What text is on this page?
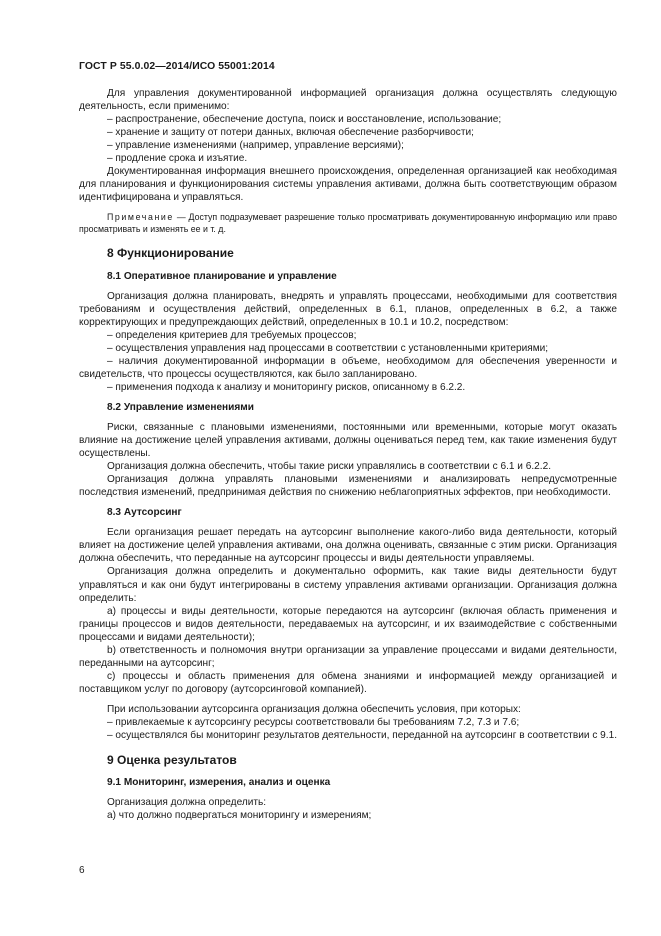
ГОСТ Р 55.0.02—2014/ИСО 55001:2014

Для управления документированной информацией организация должна осуществлять следующую деятельность, если применимо:

– распространение, обеспечение доступа, поиск и восстановление, использование;

– хранение и защиту от потери данных, включая обеспечение разборчивости;

– управление изменениями (например, управление версиями);

– продление срока и изъятие.

Документированная информация внешнего происхождения, определенная организацией как необходимая для планирования и функционирования системы управления активами, должна быть соответствующим образом идентифицирована и управляться.

Примечание — Доступ подразумевает разрешение только просматривать документированную информацию или право просматривать и изменять ее и т. д.

8 Функционирование
8.1 Оперативное планирование и управление

Организация должна планировать, внедрять и управлять процессами, необходимыми для соответствия требованиям и осуществления действий, определенных в 6.1, планов, определенных в 6.2, а также корректирующих и предупреждающих действий, определенных в 10.1 и 10.2, посредством:

– определения критериев для требуемых процессов;

– осуществления управления над процессами в соответствии с установленными критериями;

– наличия документированной информации в объеме, необходимом для обеспечения уверенности и свидетельств, что процессы осуществляются, как было запланировано.

– применения подхода к анализу и мониторингу рисков, описанному в 6.2.2.

8.2 Управление изменениями

Риски, связанные с плановыми изменениями, постоянными или временными, которые могут оказать влияние на достижение целей управления активами, должны оцениваться перед тем, как такие изменения будут осуществлены.

Организация должна обеспечить, чтобы такие риски управлялись в соответствии с 6.1 и 6.2.2.

Организация должна управлять плановыми изменениями и анализировать непредусмотренные последствия изменений, предпринимая действия по снижению неблагоприятных эффектов, при необходимости.

8.3 Аутсорсинг

Если организация решает передать на аутсорсинг выполнение какого-либо вида деятельности, который влияет на достижение целей управления активами, она должна оценивать, связанные с этим риски. Организация должна обеспечить, что переданные на аутсорсинг процессы и виды деятельности управляемы.

Организация должна определить и документально оформить, как такие виды деятельности будут управляться и как они будут интегрированы в систему управления активами организации. Организация должна определить:

a) процессы и виды деятельности, которые передаются на аутсорсинг (включая область применения и границы процессов и видов деятельности, передаваемых на аутсорсинг, и их взаимодействие с собственными процессами и видами деятельности);

b) ответственность и полномочия внутри организации за управление процессами и видами деятельности, переданными на аутсорсинг;

c) процессы и область применения для обмена знаниями и информацией между организацией и поставщиком услуг по договору (аутсорсинговой компанией).

При использовании аутсорсинга организация должна обеспечить условия, при которых:

– привлекаемые к аутсорсингу ресурсы соответствовали бы требованиям 7.2, 7.3 и 7.6;

– осуществлялся бы мониторинг результатов деятельности, переданной на аутсорсинг в соответствии с 9.1.

9 Оценка результатов
9.1 Мониторинг, измерения, анализ и оценка

Организация должна определить:

a) что должно подвергаться мониторингу и измерениям;

6
